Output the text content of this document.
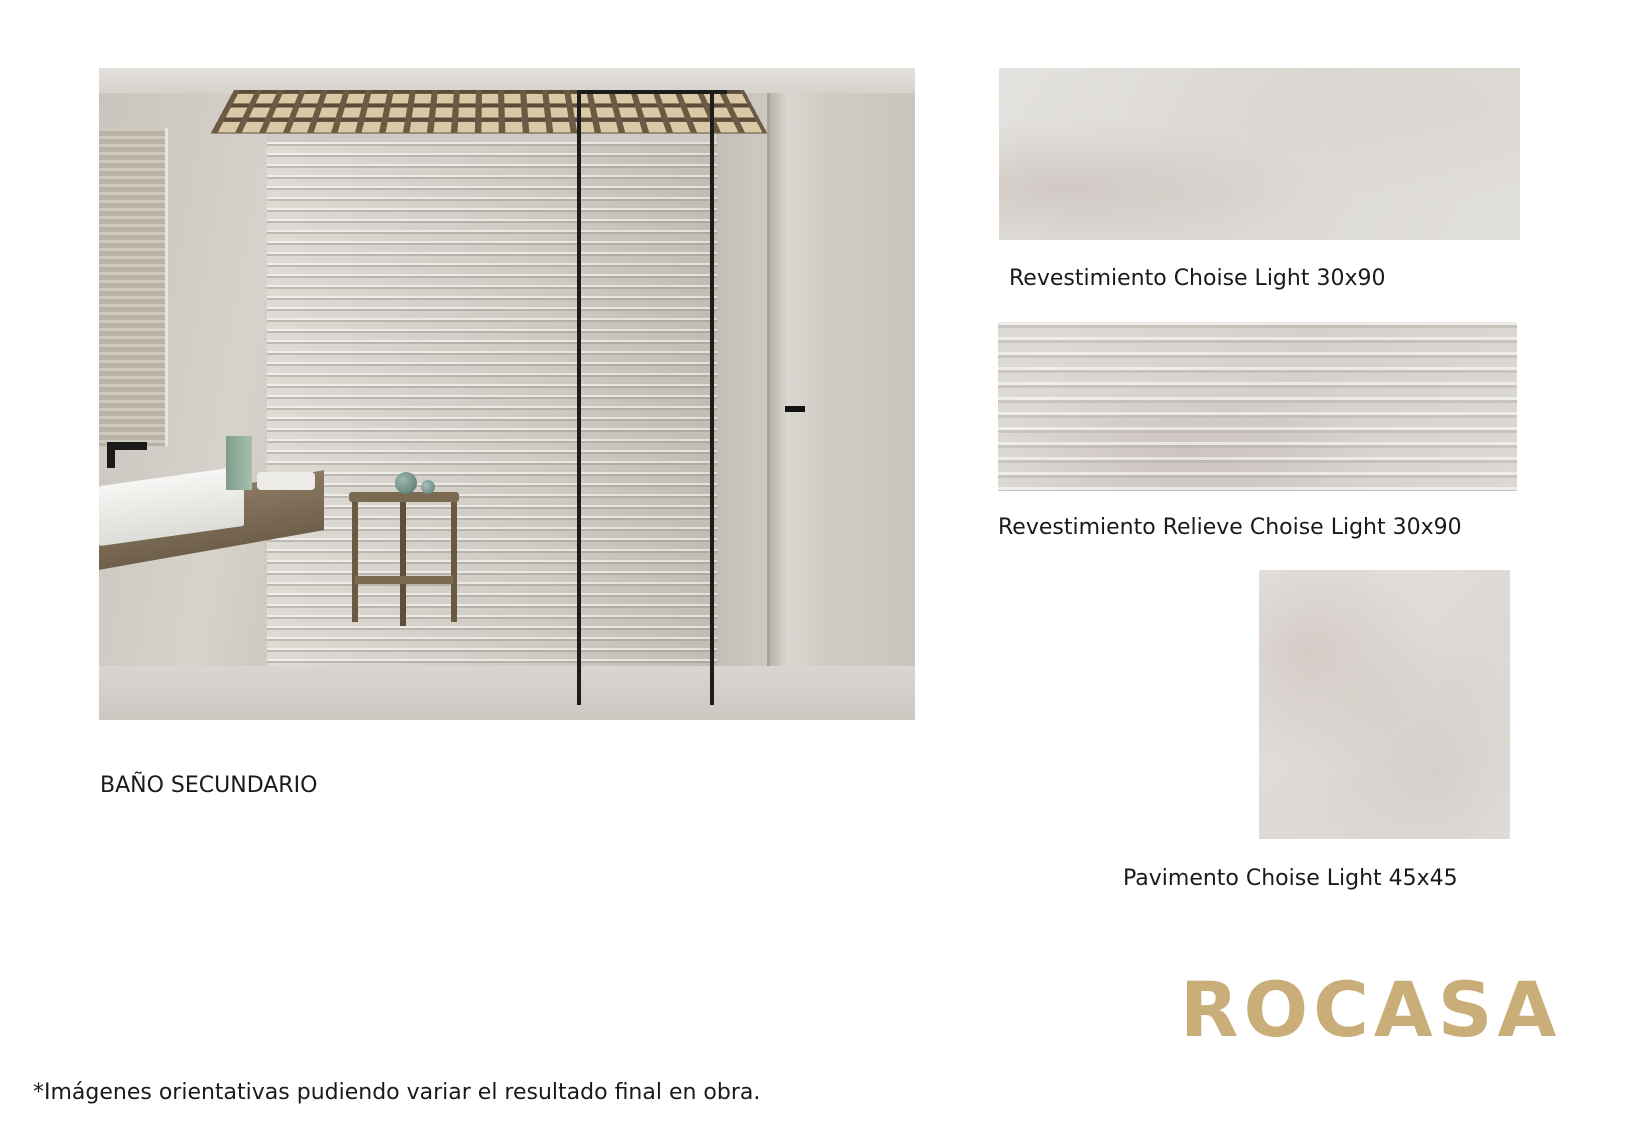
BAÑO SECUNDARIO
Revestimiento Choise Light 30x90
Revestimiento Relieve Choise Light 30x90
Pavimento Choise Light 45x45
ROCASA
*Imágenes orientativas pudiendo variar el resultado final en obra.
